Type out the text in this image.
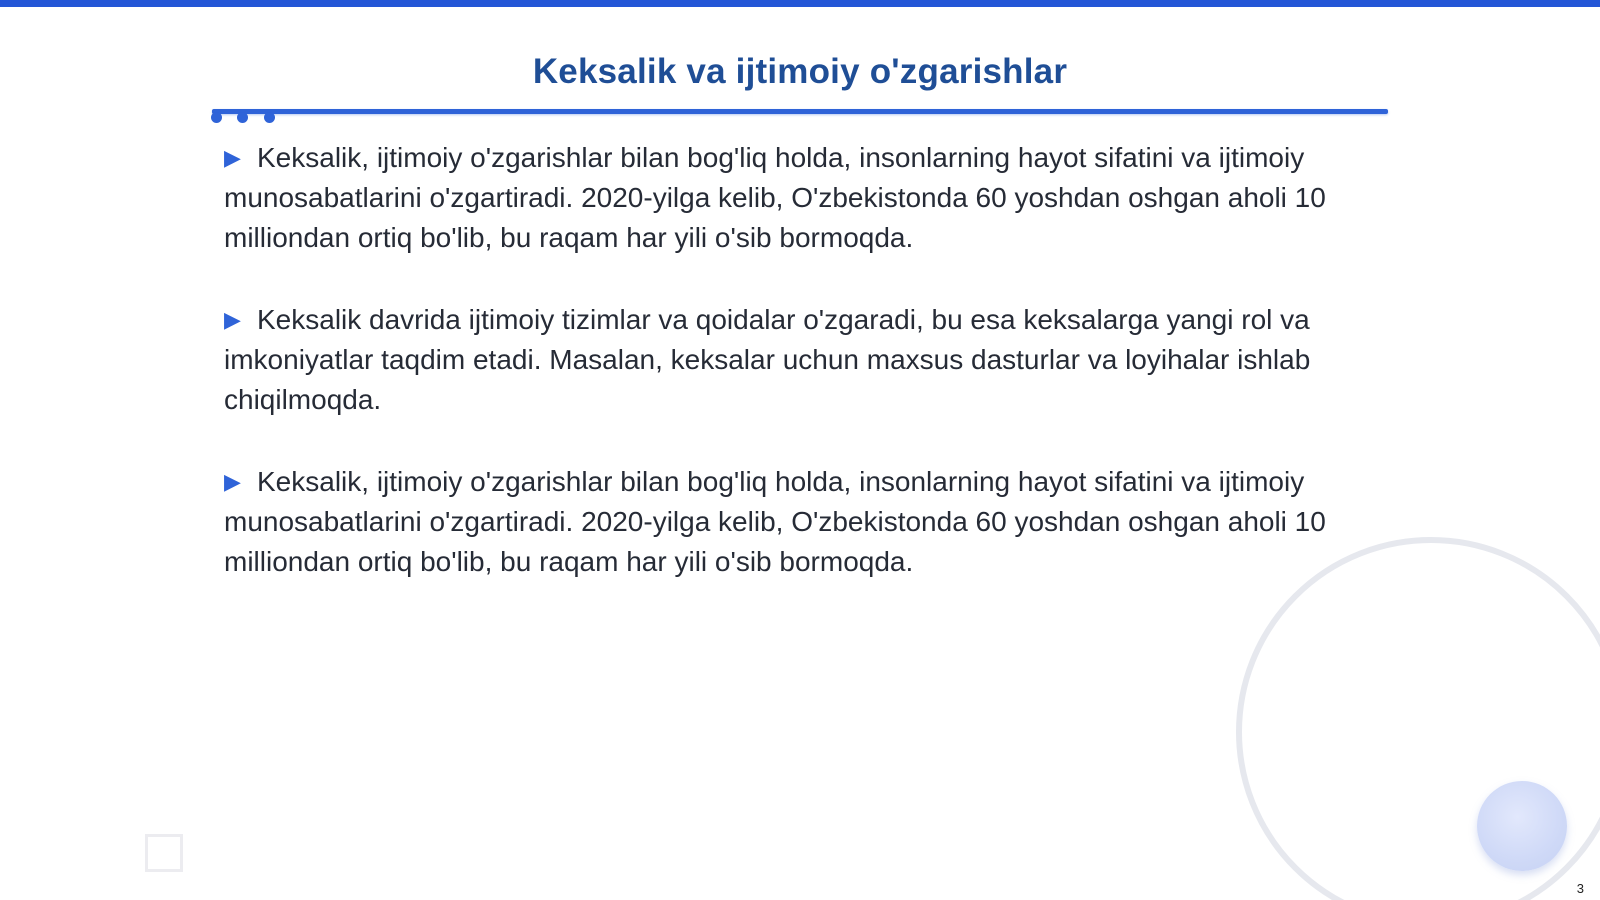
Keksalik va ijtimoiy o'zgarishlar

▶ Keksalik, ijtimoiy o'zgarishlar bilan bog'liq holda, insonlarning hayot sifatini va ijtimoiy munosabatlarini o'zgartiradi. 2020-yilga kelib, O'zbekistonda 60 yoshdan oshgan aholi 10 milliondan ortiq bo'lib, bu raqam har yili o'sib bormoqda.

▶ Keksalik davrida ijtimoiy tizimlar va qoidalar o'zgaradi, bu esa keksalarga yangi rol va imkoniyatlar taqdim etadi. Masalan, keksalar uchun maxsus dasturlar va loyihalar ishlab chiqilmoqda.

▶ Keksalik, ijtimoiy o'zgarishlar bilan bog'liq holda, insonlarning hayot sifatini va ijtimoiy munosabatlarini o'zgartiradi. 2020-yilga kelib, O'zbekistonda 60 yoshdan oshgan aholi 10 milliondan ortiq bo'lib, bu raqam har yili o'sib bormoqda.

3
